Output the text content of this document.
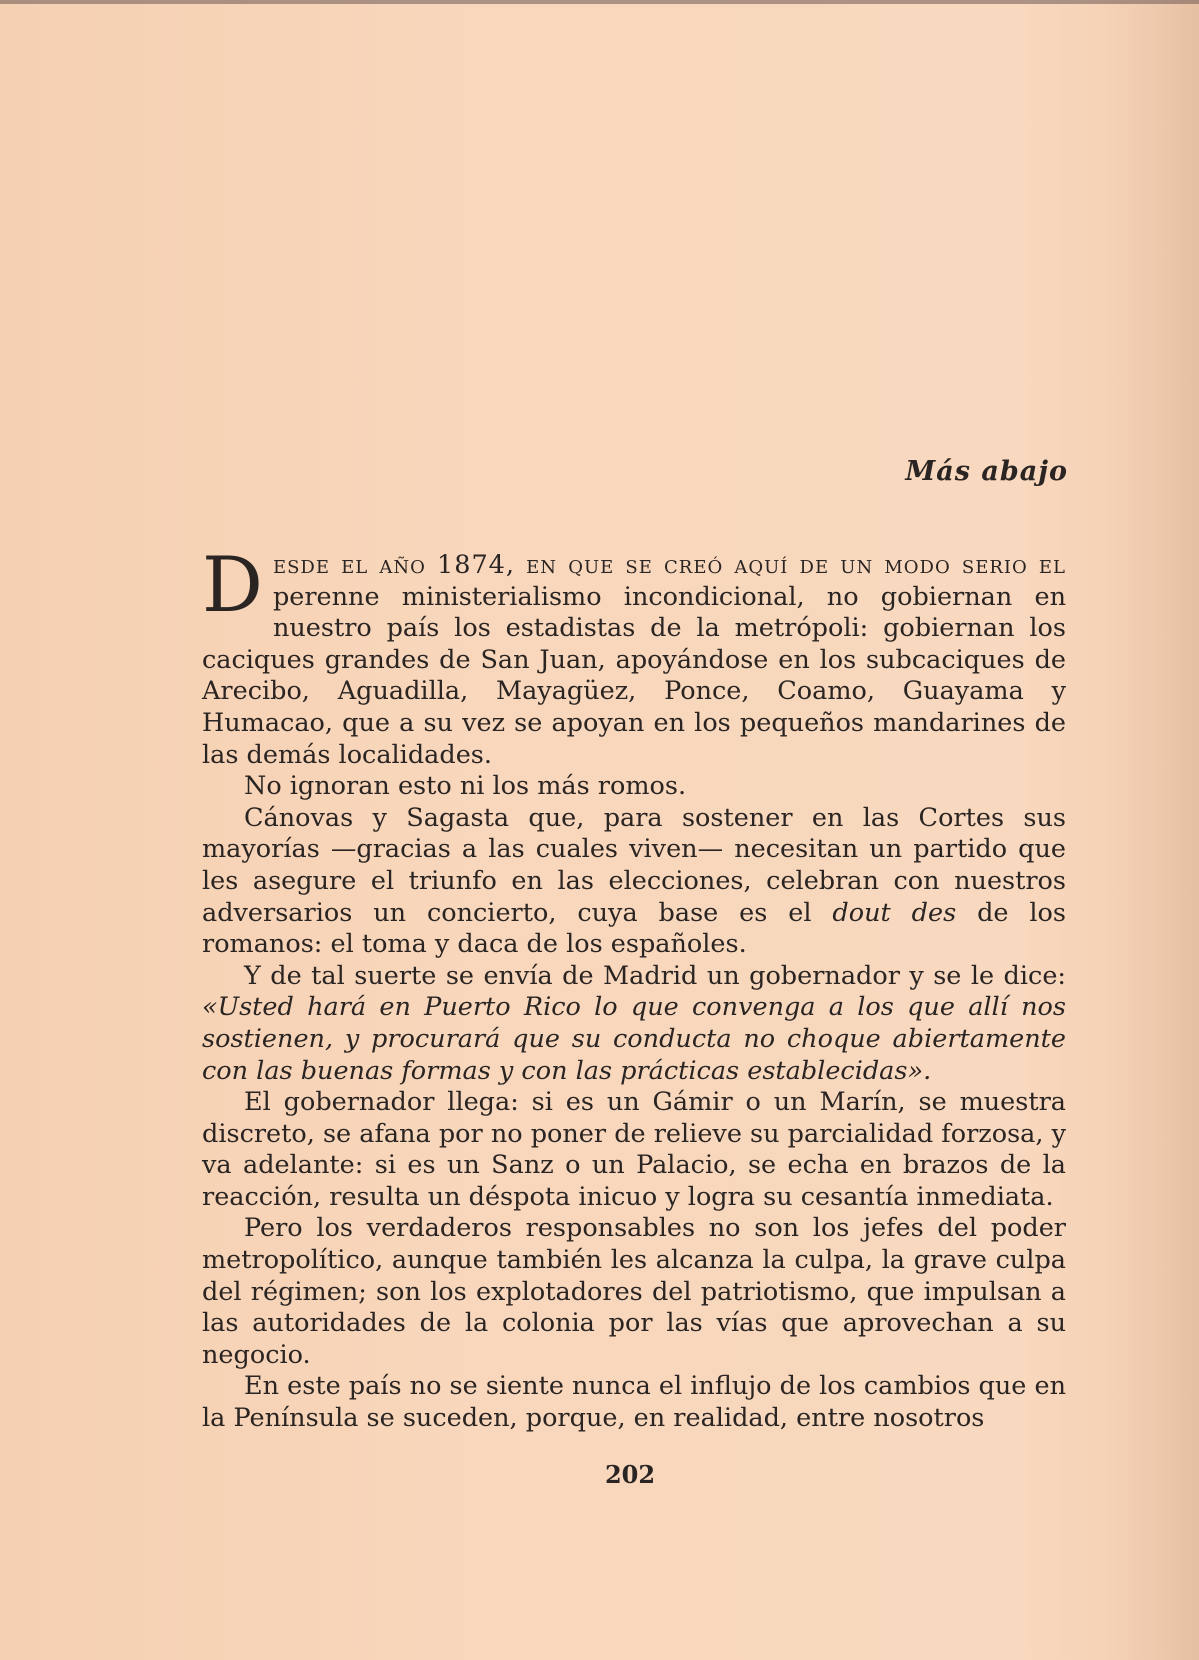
Más abajo

Desde el año 1874, en que se creó aquí de un modo serio el perenne ministerialismo incondicional, no gobiernan en nuestro país los estadistas de la metrópoli: gobiernan los caciques grandes de San Juan, apoyándose en los subcaciques de Arecibo, Aguadilla, Mayagüez, Ponce, Coamo, Guayama y Humacao, que a su vez se apoyan en los pequeños mandarines de las demás localidades.

No ignoran esto ni los más romos.

Cánovas y Sagasta que, para sostener en las Cortes sus mayorías —gracias a las cuales viven— necesitan un partido que les asegure el triunfo en las elecciones, celebran con nuestros adversarios un concierto, cuya base es el dout des de los romanos: el toma y daca de los españoles.

Y de tal suerte se envía de Madrid un gobernador y se le dice: «Usted hará en Puerto Rico lo que convenga a los que allí nos sostienen, y procurará que su conducta no choque abiertamente con las buenas formas y con las prácticas establecidas».

El gobernador llega: si es un Gámir o un Marín, se muestra discreto, se afana por no poner de relieve su parcialidad forzosa, y va adelante: si es un Sanz o un Palacio, se echa en brazos de la reacción, resulta un déspota inicuo y logra su cesantía inmediata.

Pero los verdaderos responsables no son los jefes del poder metropolítico, aunque también les alcanza la culpa, la grave culpa del régimen; son los explotadores del patriotismo, que impulsan a las autoridades de la colonia por las vías que aprovechan a su negocio.

En este país no se siente nunca el influjo de los cambios que en la Península se suceden, porque, en realidad, entre nosotros

202
